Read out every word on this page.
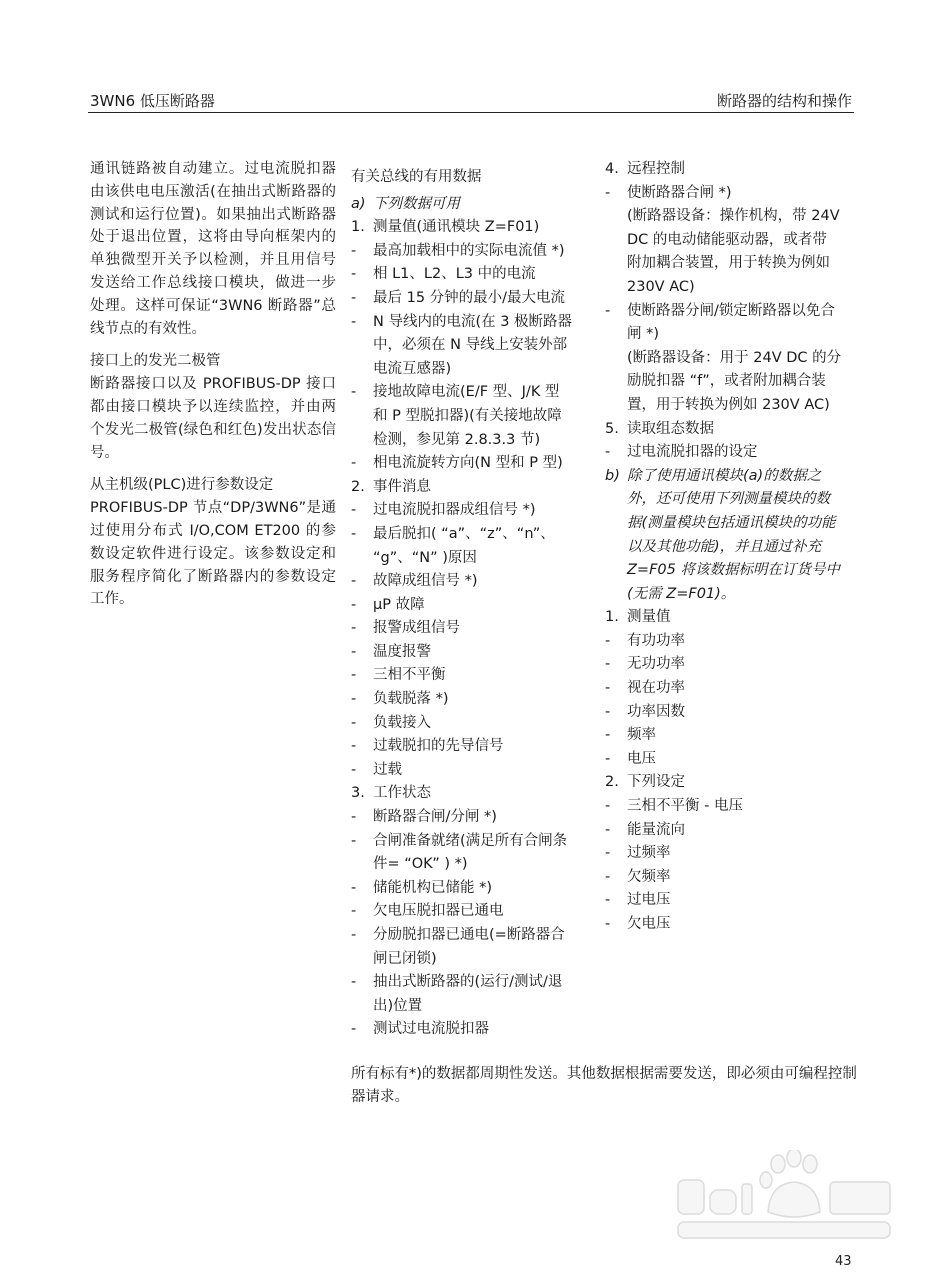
3WN6 低压断路器	断路器的结构和操作

通讯链路被自动建立。过电流脱扣器由该供电电压激活(在抽出式断路器的测试和运行位置)。如果抽出式断路器处于退出位置，这将由导向框架内的单独微型开关予以检测，并且用信号发送给工作总线接口模块，做进一步处理。这样可保证“3WN6 断路器”总线节点的有效性。

接口上的发光二极管
断路器接口以及 PROFIBUS-DP 接口都由接口模块予以连续监控，并由两个发光二极管(绿色和红色)发出状态信号。

从主机级(PLC)进行参数设定
PROFIBUS-DP 节点“DP/3WN6”是通过使用分布式 I/O,COM ET200 的参数设定软件进行设定。该参数设定和服务程序简化了断路器内的参数设定工作。

有关总线的有用数据
a) 下列数据可用
1. 测量值(通讯模块 Z=F01)
-	最高加载相中的实际电流值 *)
-	相 L1、L2、L3 中的电流
-	最后 15 分钟的最小/最大电流
-	N 导线内的电流(在 3 极断路器
中，必须在 N 导线上安装外部
电流互感器)
-	接地故障电流(E/F 型、J/K 型
和 P 型脱扣器)(有关接地故障
检测，参见第 2.8.3.3 节)
-	相电流旋转方向(N 型和 P 型)
2. 事件消息
-	过电流脱扣器成组信号 *)
-	最后脱扣( “a”、“z”、“n”、
“g”、“N” )原因
-	故障成组信号 *)
-	μP 故障
-	报警成组信号
-	温度报警
-	三相不平衡
-	负载脱落 *)
-	负载接入
-	过载脱扣的先导信号
-	过载
3. 工作状态
-	断路器合闸/分闸 *)
-	合闸准备就绪(满足所有合闸条
件= “OK” ) *)
-	储能机构已储能 *)
-	欠电压脱扣器已通电
-	分励脱扣器已通电(=断路器合
闸已闭锁)
-	抽出式断路器的(运行/测试/退
出)位置
-	测试过电流脱扣器
4. 远程控制
-	使断路器合闸 *)
(断路器设备：操作机构，带 24V
DC 的电动储能驱动器，或者带
附加耦合装置，用于转换为例如
230V AC)
-	使断路器分闸/锁定断路器以免合
闸 *)
(断路器设备：用于 24V DC 的分
励脱扣器 “f”，或者附加耦合装
置，用于转换为例如 230V AC)
5. 读取组态数据
-	过电流脱扣器的设定
b) 除了使用通讯模块(a)的数据之
外，还可使用下列测量模块的数
据(测量模块包括通讯模块的功能
以及其他功能)，并且通过补充
Z=F05 将该数据标明在订货号中
(无需 Z=F01)。
1. 测量值
-	有功功率
-	无功功率
-	视在功率
-	功率因数
-	频率
-	电压
2. 下列设定
-	三相不平衡 - 电压
-	能量流向
-	过频率
-	欠频率
-	过电压
-	欠电压
所有标有*)的数据都周期性发送。其他数据根据需要发送，即必须由可编程控制器请求。
43
